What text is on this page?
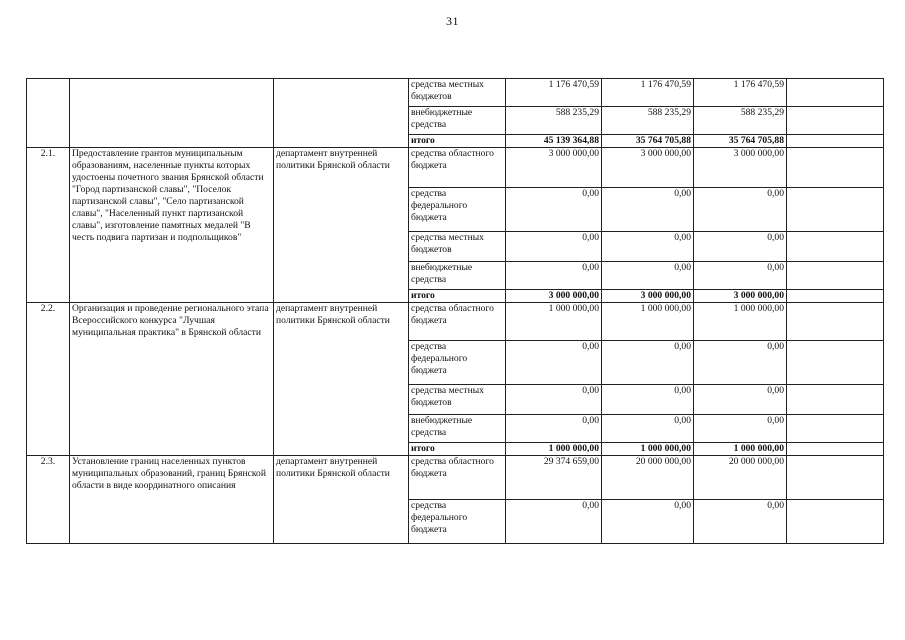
31
			средства местных бюджетов	1 176 470,59	1 176 470,59	1 176 470,59	
			внебюджетные средства	588 235,29	588 235,29	588 235,29	
			итого	45 139 364,88	35 764 705,88	35 764 705,88	
2.1.	Предоставление грантов муниципальным образованиям, населенные пункты которых удостоены почетного звания Брянской области "Город партизанской славы", "Поселок партизанской славы", "Село партизанской славы", "Населенный пункт партизанской славы", изготовление памятных медалей "В честь подвига партизан и подпольщиков"	департамент внутренней политики Брянской области	средства областного бюджета	3 000 000,00	3 000 000,00	3 000 000,00	
			средства федерального бюджета	0,00	0,00	0,00	
			средства местных бюджетов	0,00	0,00	0,00	
			внебюджетные средства	0,00	0,00	0,00	
			итого	3 000 000,00	3 000 000,00	3 000 000,00	
2.2.	Организация и проведение регионального этапа Всероссийского конкурса "Лучшая муниципальная практика" в Брянской области	департамент внутренней политики Брянской области	средства областного бюджета	1 000 000,00	1 000 000,00	1 000 000,00	
			средства федерального бюджета	0,00	0,00	0,00	
			средства местных бюджетов	0,00	0,00	0,00	
			внебюджетные средства	0,00	0,00	0,00	
			итого	1 000 000,00	1 000 000,00	1 000 000,00	
2.3.	Установление границ населенных пунктов муниципальных образований, границ Брянской области в виде координатного описания	департамент внутренней политики Брянской области	средства областного бюджета	29 374 659,00	20 000 000,00	20 000 000,00	
			средства федерального бюджета	0,00	0,00	0,00	
